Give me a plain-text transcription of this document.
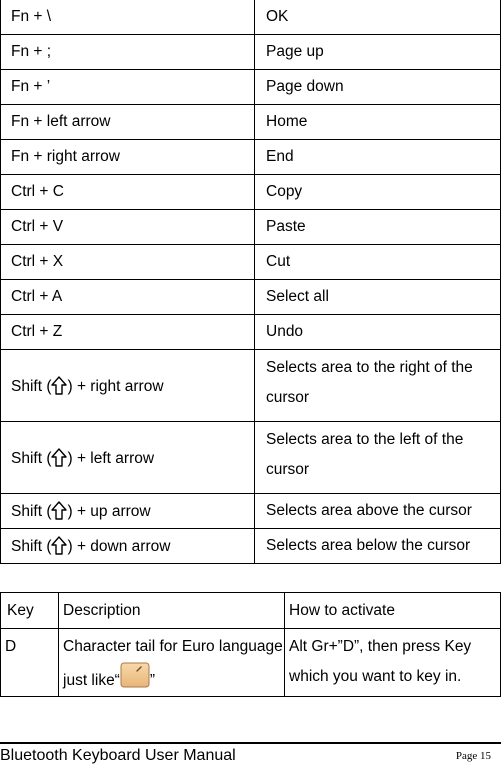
Fn + \	OK
Fn + ;	Page up
Fn + ’	Page down
Fn + left arrow	Home
Fn + right arrow	End
Ctrl + C	Copy
Ctrl + V	Paste
Ctrl + X	Cut
Ctrl + A	Select all
Ctrl + Z	Undo
Shift ( ) + right arrow	Selects area to the right of the cursor
Shift ( ) + left arrow	Selects area to the left of the cursor
Shift ( ) + up arrow	Selects area above the cursor
Shift ( ) + down arrow	Selects area below the cursor
Key	Description	How to activate
D	Character tail for Euro language just like“ ”	Alt Gr+”D”, then press Key which you want to key in.
Bluetooth Keyboard User Manual	Page 15
